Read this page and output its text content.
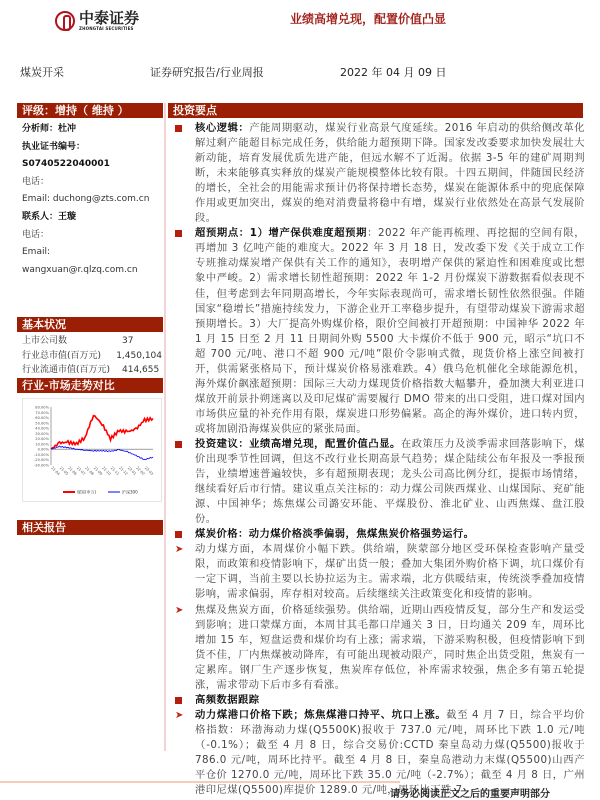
中泰证券
ZHONGTAI SECURITIES
业绩高增兑现，配置价值凸显
煤炭开采	证券研究报告/行业周报	2022 年 04 月 09 日
评级：增持（ 维持 ）
分析师：杜冲
执业证书编号：S0740522040001
电话：
Email: duchong@zts.com.cn
联系人：王璇
电话：
Email: wangxuan@r.qlzq.com.cn
基本状况
上市公司数	37
行业总市值(百万元)	1,450,104
行业流通市值(百万元)	414,655
行业-市场走势对比
80.00%
70.00%
60.00%
50.00%
40.00%
30.00%
20.00%
10.00%
0.00%
-10.00%
-20.00%
-30.00%
21-04
21-05
21-06
21-07
21-08
21-09
21-10
21-11
21-12
22-01
22-02
22-03
煤炭(申万)	沪深300
相关报告
投资要点
核心逻辑：产能周期驱动，煤炭行业高景气度延续。2016 年启动的供给侧改革化解过剩产能超目标完成任务，供给能力超预期下降。国家发改委要求加快发展壮大新动能，培育发展优质先进产能，但远水解不了近渴。依据 3-5 年的建矿周期判断，未来能够真实释放的煤炭产能规模整体比较有限。十四五期间，伴随国民经济的增长，全社会的用能需求预计仍将保持增长态势，煤炭在能源体系中的兜底保障作用或更加突出，煤炭的绝对消费量将稳中有增，煤炭行业依然处在高景气发展阶段。
超预期点：1）增产保供难度超预期：2022 年产能再梳理、再挖掘的空间有限，再增加 3 亿吨产能的难度大。2022 年 3 月 18 日，发改委下发《关于成立工作专班推动煤炭增产保供有关工作的通知》，表明增产保供的紧迫性和困难度或比想象中严峻。2）需求增长韧性超预期：2022 年 1-2 月份煤炭下游数据看似表现不佳，但考虑到去年同期高增长，今年实际表现尚可，需求增长韧性依然很强。伴随国家“稳增长”措施持续发力，下游企业开工率稳步提升，有望带动煤炭下游需求超预期增长。3）大厂提高外购煤价格，限价空间被打开超预期：中国神华 2022 年 1 月 15 日至 2 月 11 日期间外购 5500 大卡煤价不低于 900 元，昭示“坑口不超 700 元/吨、港口不超 900 元/吨”限价令影响式微，现货价格上涨空间被打开，供需紧张格局下，预计煤炭价格易涨难跌。4）俄乌危机催化全球能源危机，海外煤价飙涨超预期：国际三大动力煤现货价格指数大幅攀升，叠加澳大利亚进口煤放开前景扑朔迷离以及印尼煤矿需要履行 DMO 带来的出口受阻，进口煤对国内市场供应量的补充作用有限，煤炭进口形势偏紧。高企的海外煤价，进口转内贸，或将加剧沿海煤炭供应的紧张局面。
投资建议：业绩高增兑现，配置价值凸显。在政策压力及淡季需求回落影响下，煤价出现季节性回调，但这不改行业长期高景气趋势；煤企陆续公布年报及一季报预告，业绩增速普遍较快，多有超预期表现；龙头公司高比例分红，提振市场情绪，继续看好后市行情。建议重点关注标的：动力煤公司陕西煤业、山煤国际、兖矿能源、中国神华；炼焦煤公司潞安环能、平煤股份、淮北矿业、山西焦煤、盘江股份。
煤炭价格：动力煤价格淡季偏弱，焦煤焦炭价格强势运行。
➤ 动力煤方面，本周煤价小幅下跌。供给端，陕蒙部分地区受环保检查影响产量受限，而政策和疫情影响下，煤矿出货一般；叠加大集团外购价格下调，坑口煤价有一定下调，当前主要以长协拉运为主。需求端，北方供暖结束，传统淡季叠加疫情影响，需求偏弱，库存相对较高。后续继续关注政策变化和疫情的影响。
➤ 焦煤及焦炭方面，价格延续强势。供给端，近期山西疫情反复，部分生产和发运受到影响；进口蒙煤方面，本周甘其毛都口岸通关 3 日，日均通关 209 车，周环比增加 15 车，短盘运费和煤价均有上涨；需求端，下游采购积极，但疫情影响下到货不佳，厂内焦煤被动降库，有可能出现被动限产，同时焦企出货受阻，焦炭有一定累库。钢厂生产逐步恢复，焦炭库存低位，补库需求较强，焦企多有第五轮提涨，需求带动下后市多有看涨。
高频数据跟踪
➤ 动力煤港口价格下跌；炼焦煤港口持平、坑口上涨。截至 4 月 7 日，综合平均价格指数：环渤海动力煤(Q5500K)报收于 737.0 元/吨，周环比下跌 1.0 元/吨（-0.1%）；截至 4 月 8 日，综合交易价:CCTD 秦皇岛动力煤(Q5500)报收于 786.0 元/吨，周环比持平。截至 4 月 8 日，秦皇岛港动力末煤(Q5500)山西产平仓价 1270.0 元/吨，周环比下跌 35.0 元/吨（-2.7%）；截至 4 月 8 日，广州港印尼煤(Q5500)库提价 1289.0 元/吨，周环比下跌 7
请务必阅读正文之后的重要声明部分
